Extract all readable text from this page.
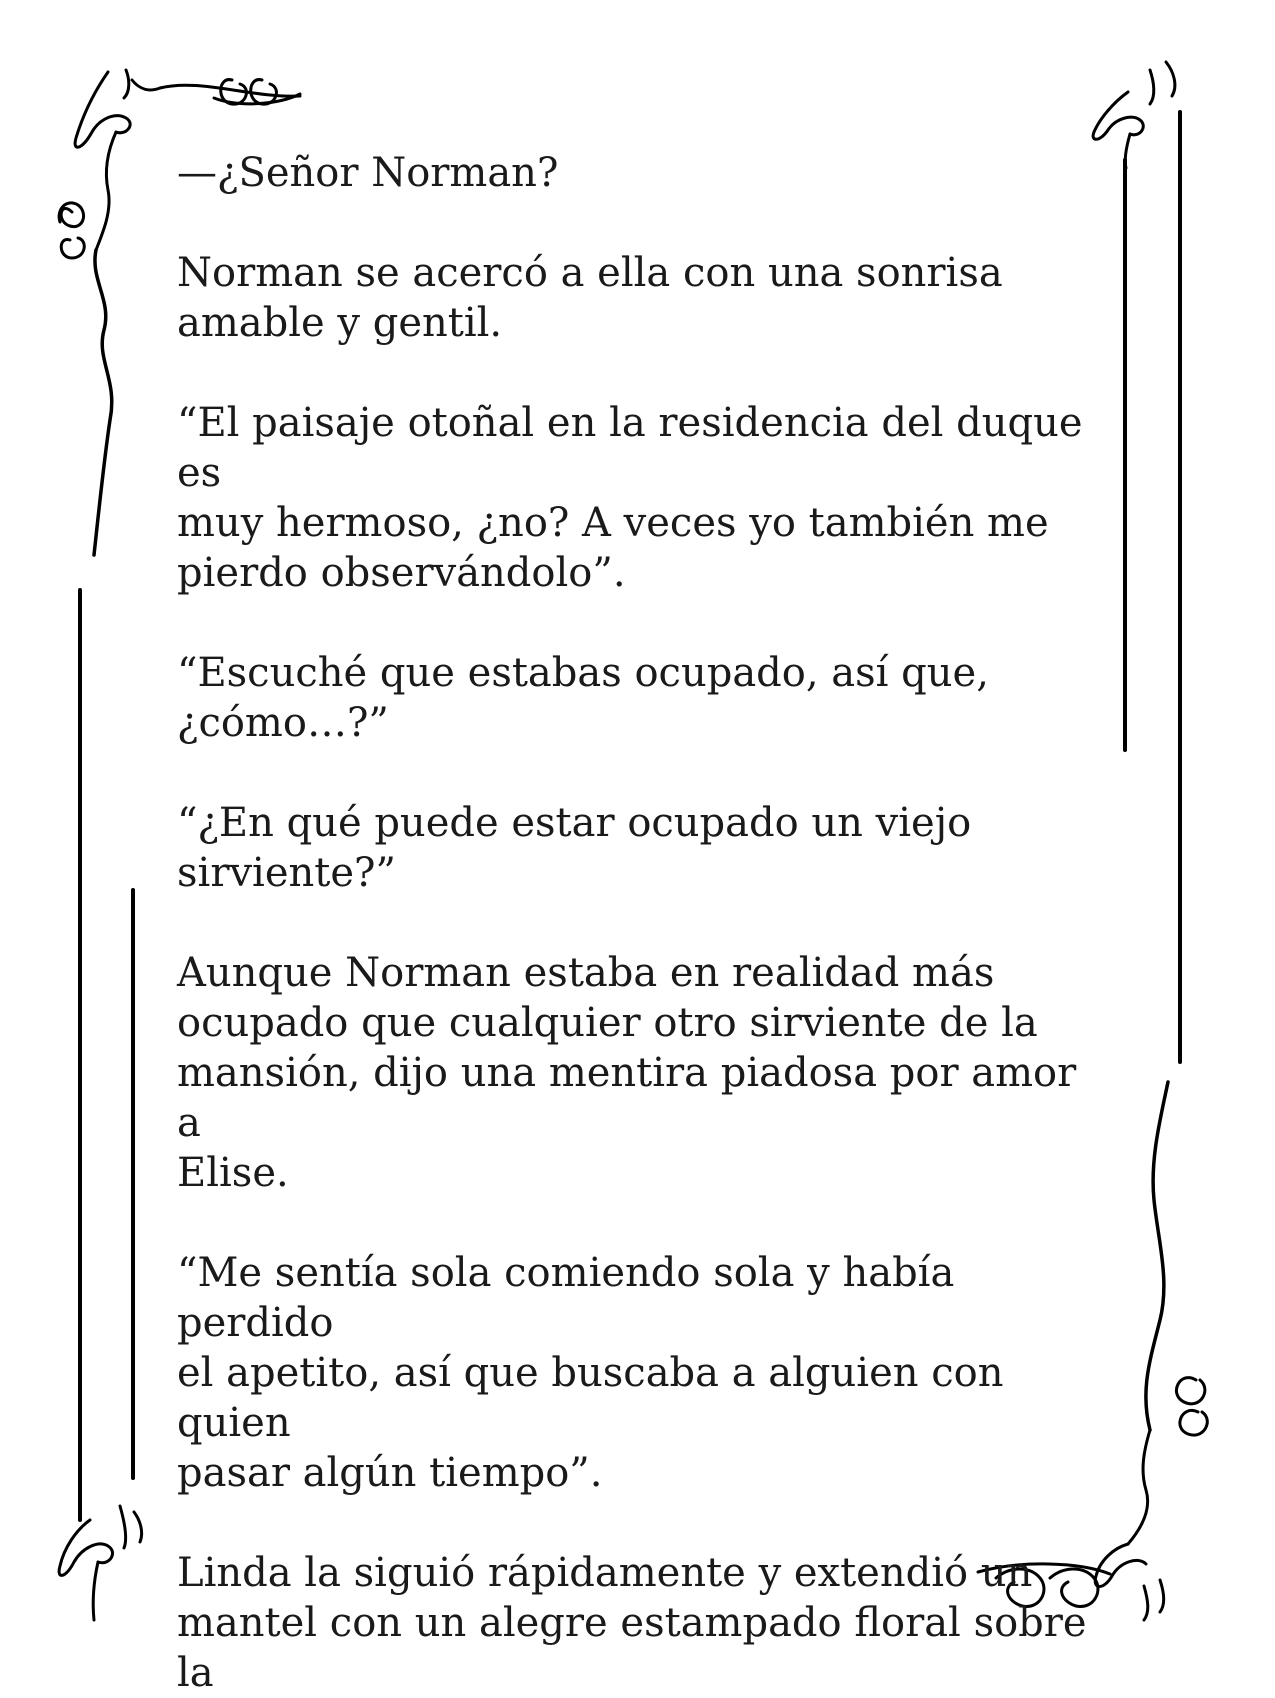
—¿Señor Norman?

Norman se acercó a ella con una sonrisa
amable y gentil.

“El paisaje otoñal en la residencia del duque es
muy hermoso, ¿no? A veces yo también me
pierdo observándolo”.

“Escuché que estabas ocupado, así que,
¿cómo…?”

“¿En qué puede estar ocupado un viejo
sirviente?”

Aunque Norman estaba en realidad más
ocupado que cualquier otro sirviente de la
mansión, dijo una mentira piadosa por amor a
Elise.

“Me sentía sola comiendo sola y había perdido
el apetito, así que buscaba a alguien con quien
pasar algún tiempo”.

Linda la siguió rápidamente y extendió un
mantel con un alegre estampado floral sobre la
